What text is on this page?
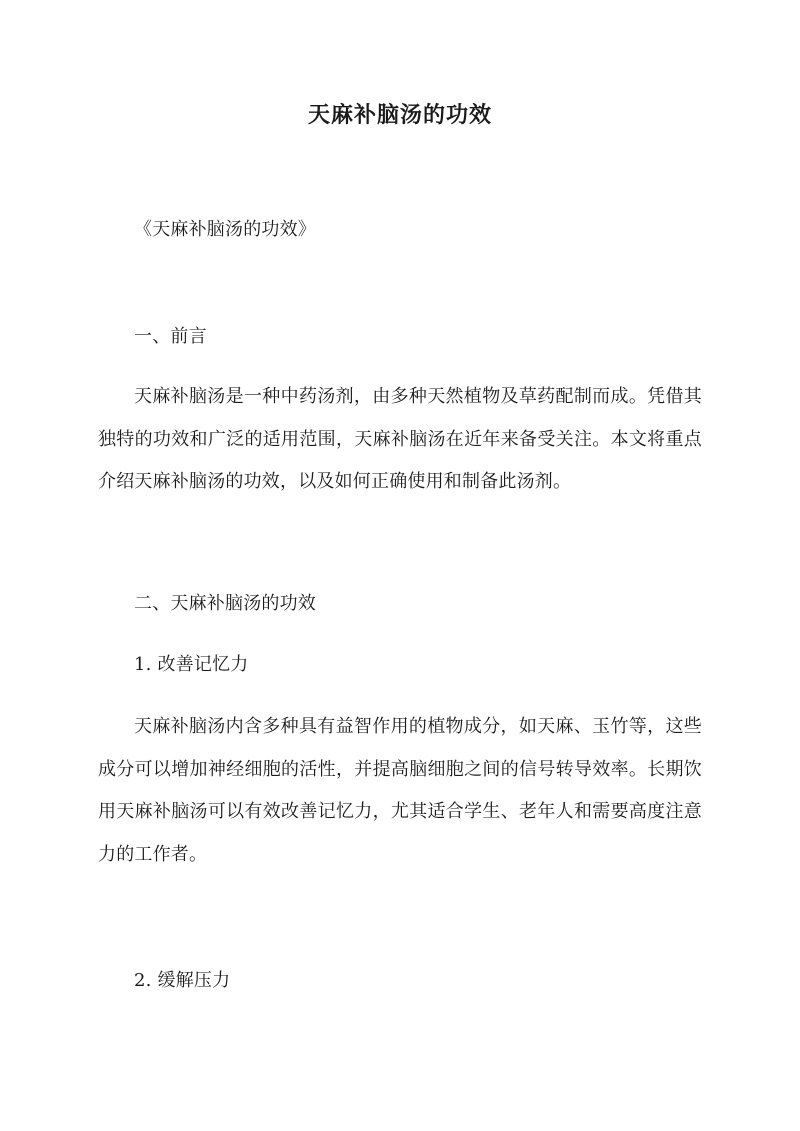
天麻补脑汤的功效
《天麻补脑汤的功效》
一、前言
天麻补脑汤是一种中药汤剂，由多种天然植物及草药配制而成。凭借其独特的功效和广泛的适用范围，天麻补脑汤在近年来备受关注。本文将重点介绍天麻补脑汤的功效，以及如何正确使用和制备此汤剂。
二、天麻补脑汤的功效
1. 改善记忆力
天麻补脑汤内含多种具有益智作用的植物成分，如天麻、玉竹等，这些成分可以增加神经细胞的活性，并提高脑细胞之间的信号转导效率。长期饮用天麻补脑汤可以有效改善记忆力，尤其适合学生、老年人和需要高度注意力的工作者。
2. 缓解压力
